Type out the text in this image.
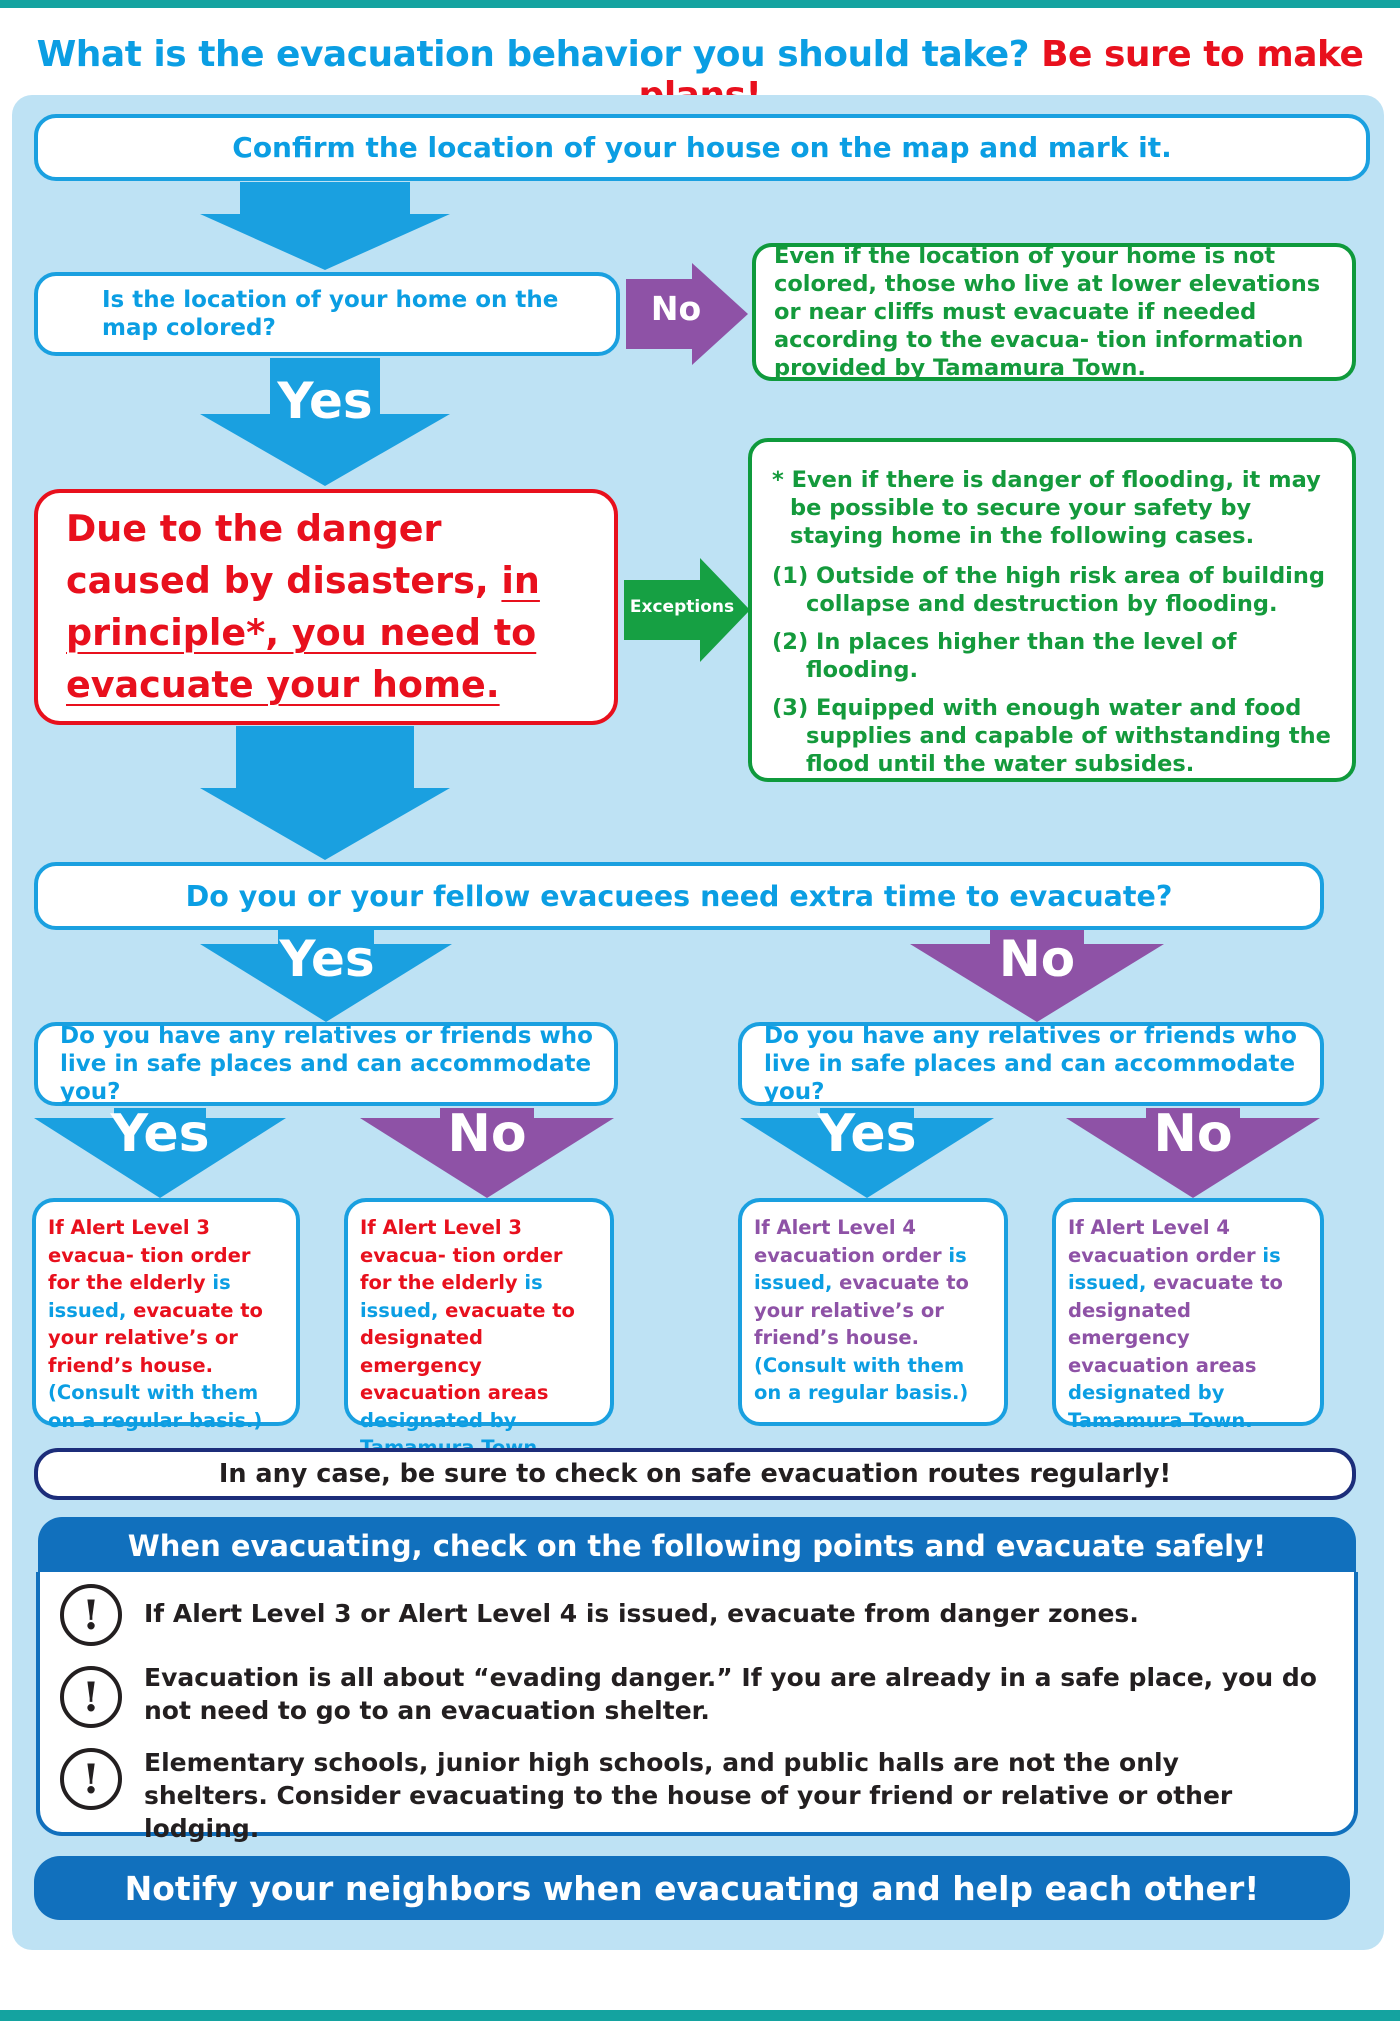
What is the evacuation behavior you should take? Be sure to make
Confirm the location of your house on the map and mark it.
Is the location of your home on the map colored?	No
Even if the location of your home is not colored, those who live at lower elevations or near cliffs must evacuate if needed according to the evacua- tion information provided by Tamamura Town.
Yes
Due to the danger caused by disasters, in principle*, you need to evacuate your home.
Exceptions
* Even if there is danger of flooding, it may be possible to secure your safety by staying home in the following cases.
(1) Outside of the high risk area of building collapse and destruction by flooding.
(2) In places higher than the level of flooding.
(3) Equipped with enough water and food supplies and capable of withstanding the flood until the water subsides.
Do you or your fellow evacuees need extra time to evacuate?
Yes	No
Do you have any relatives or friends who live in safe places and can accommodate you?
Do you have any relatives or friends who live in safe places and can accommodate you?
Yes	No	Yes	No
If Alert Level 3 evacua- tion order for the elderly is issued, evacuate to your relative’s or friend’s house. (Consult with them on a regular basis.)
If Alert Level 3 evacua- tion order for the elderly is issued, evacuate to designated emergency evacuation areas designated by
If Alert Level 4 evacuation order is issued, evacuate to your relative’s or friend’s house. (Consult with them on a regular basis.)
If Alert Level 4 evacuation order is issued, evacuate to designated emergency evacuation areas designated by Tamamura Town.
In any case, be sure to check on safe evacuation routes regularly!
When evacuating, check on the following points and evacuate safely!
!	If Alert Level 3 or Alert Level 4 is issued, evacuate from danger zones.
!	Evacuation is all about “evading danger.” If you are already in a safe place, you do not need to go to an evacuation shelter.
!	Elementary schools, junior high schools, and public halls are not the only shelters. Consider evacuating to the house of your friend or relative or other lodging.
Notify your neighbors when evacuating and help each other!
